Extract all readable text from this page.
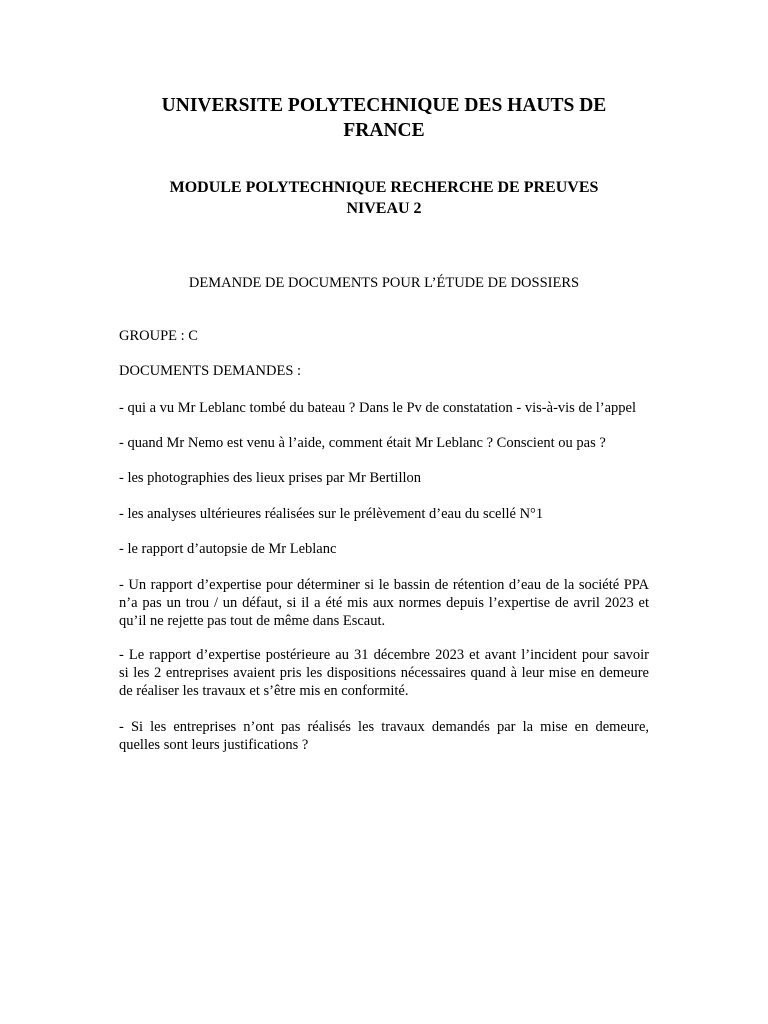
UNIVERSITE POLYTECHNIQUE DES HAUTS DE
FRANCE
MODULE POLYTECHNIQUE RECHERCHE DE PREUVES
NIVEAU 2

DEMANDE DE DOCUMENTS POUR L’ÉTUDE DE DOSSIERS

GROUPE : C

DOCUMENTS DEMANDES :

- qui a vu Mr Leblanc tombé du bateau ? Dans le Pv de constatation - vis-à-vis de l’appel

- quand Mr Nemo est venu à l’aide, comment était Mr Leblanc ? Conscient ou pas ?

- les photographies des lieux prises par Mr Bertillon

- les analyses ultérieures réalisées sur le prélèvement d’eau du scellé N°1

- le rapport d’autopsie de Mr Leblanc

- Un rapport d’expertise pour déterminer si le bassin de rétention d’eau de la société PPA
n’a pas un trou / un défaut, si il a été mis aux normes depuis l’expertise de avril 2023 et
qu’il ne rejette pas tout de même dans Escaut.

- Le rapport d’expertise postérieure au 31 décembre 2023 et avant l’incident pour savoir
si les 2 entreprises avaient pris les dispositions nécessaires quand à leur mise en demeure
de réaliser les travaux et s’être mis en conformité.

- Si les entreprises n’ont pas réalisés les travaux demandés par la mise en demeure,
quelles sont leurs justifications ?
